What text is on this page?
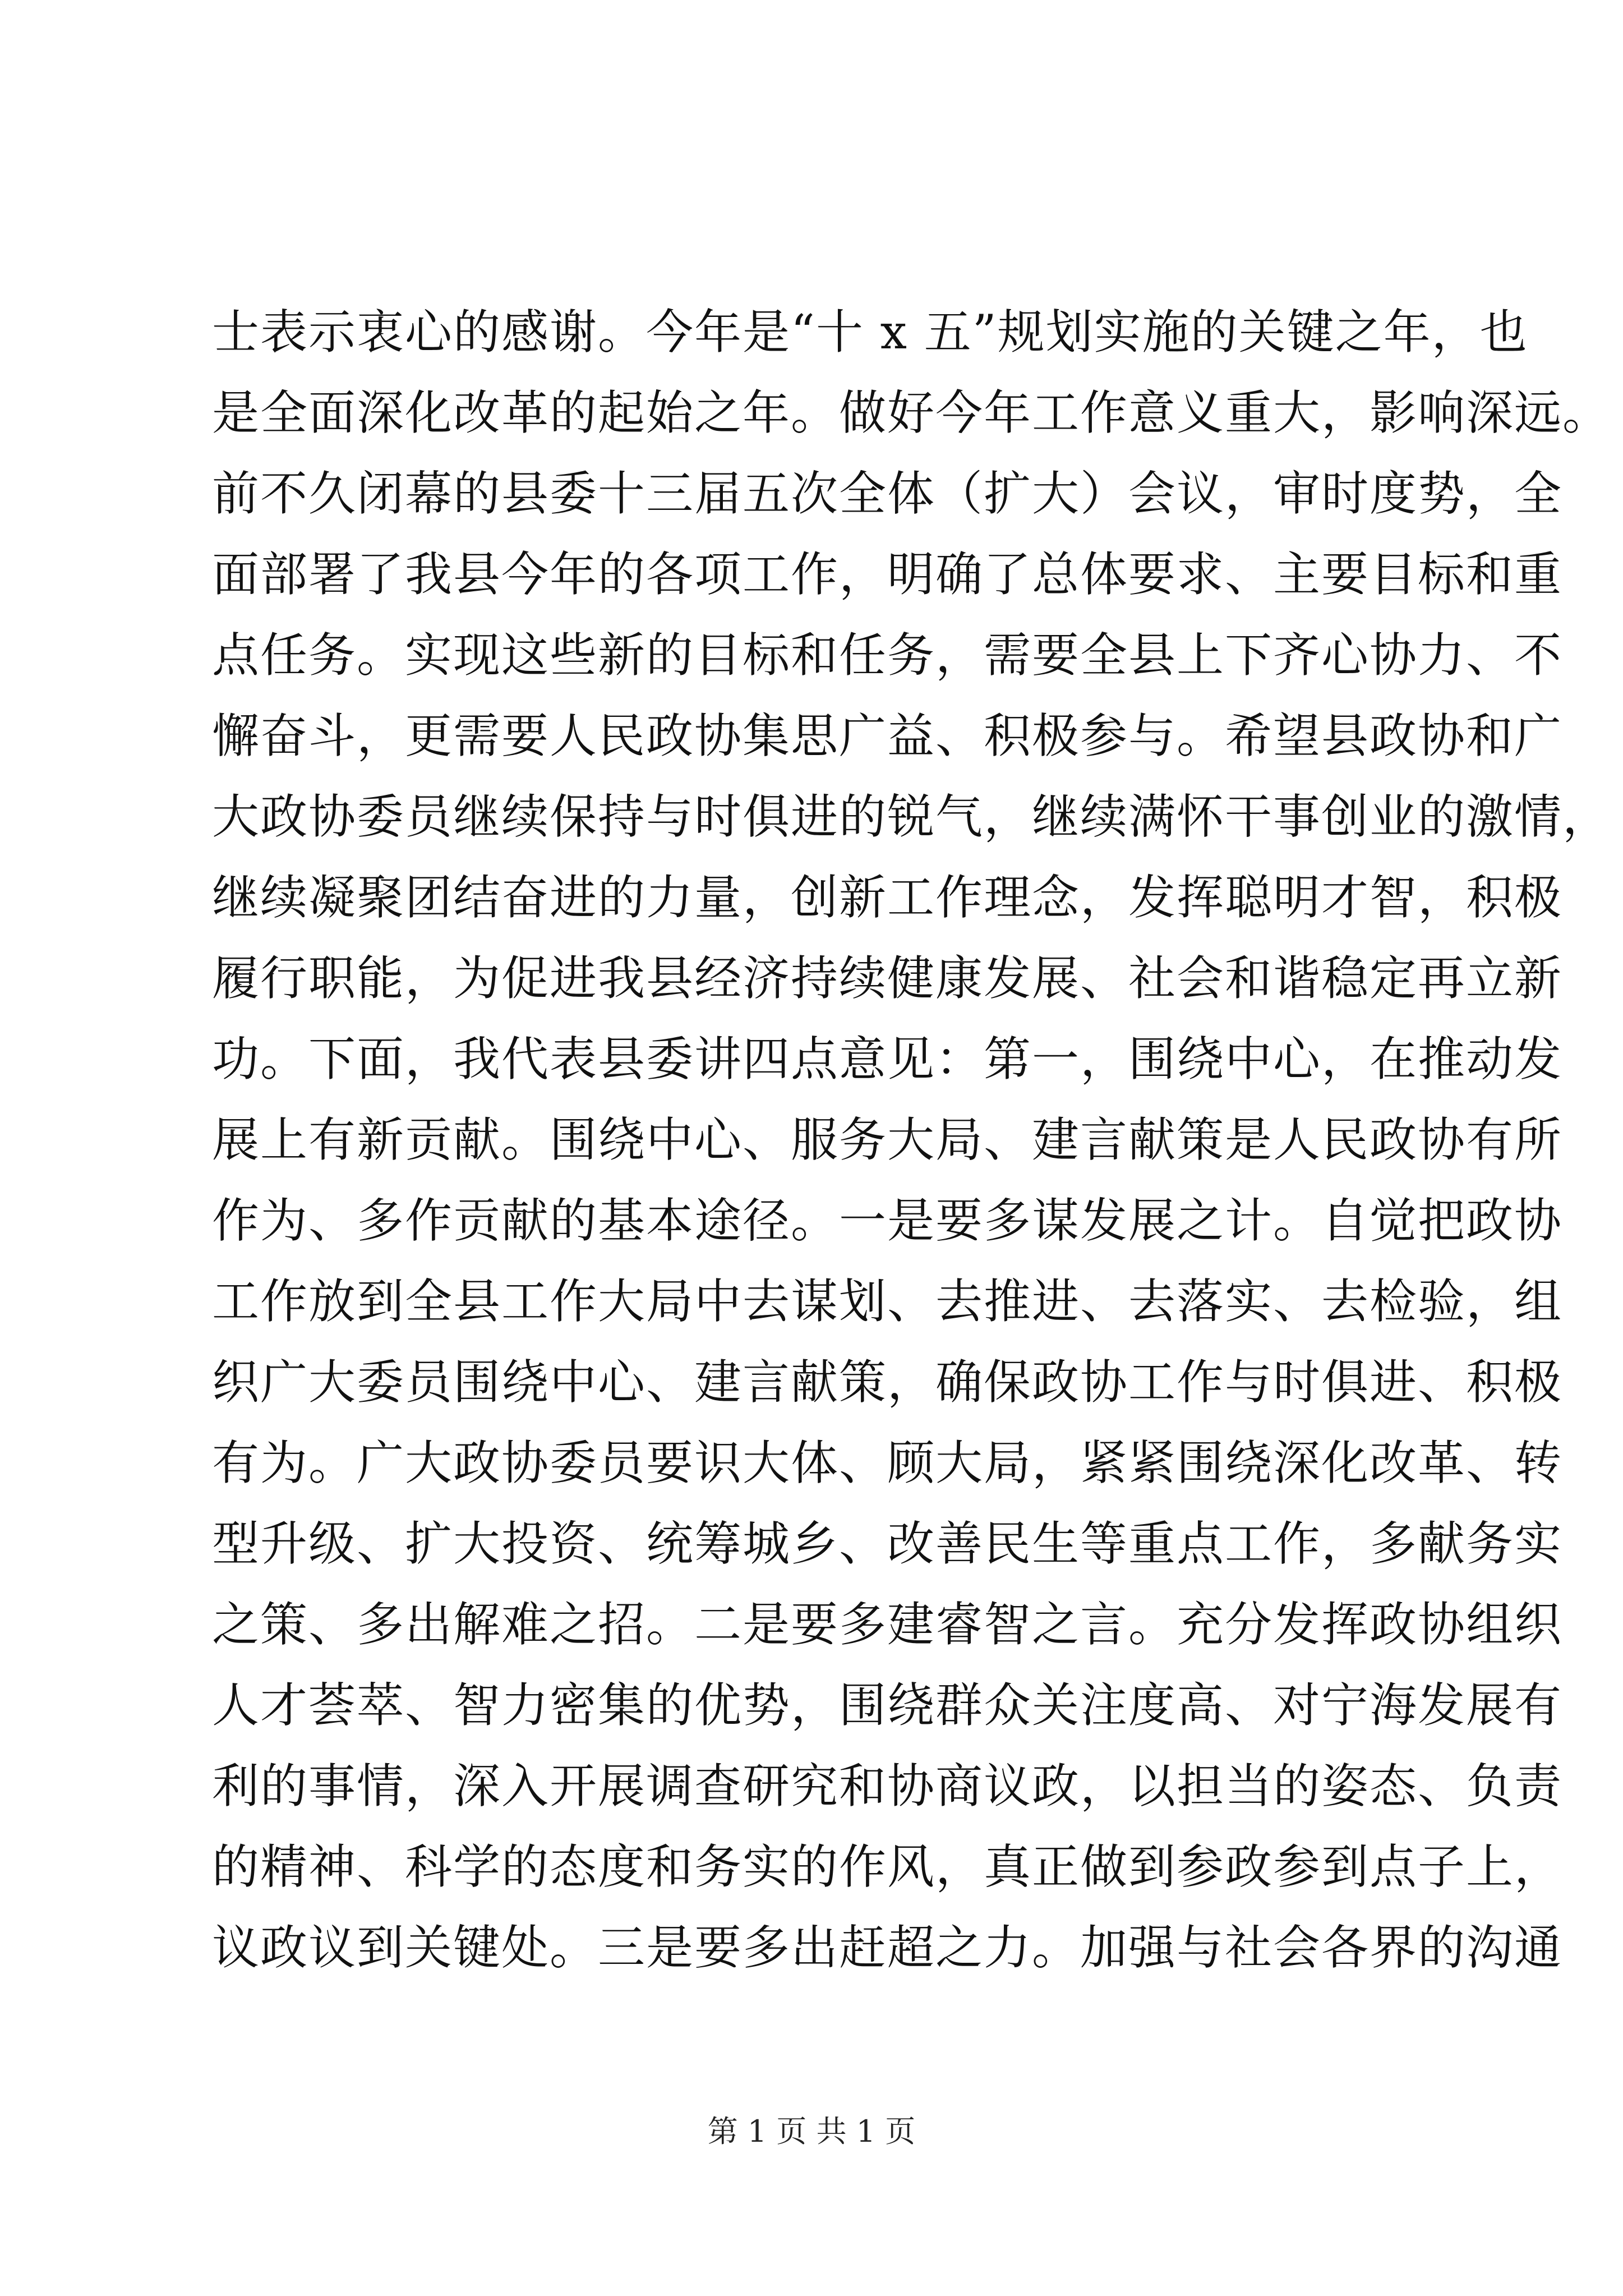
士表示衷心的感谢。今年是“十 x 五”规划实施的关键之年，也
是全面深化改革的起始之年。做好今年工作意义重大，影响深远。
前不久闭幕的县委十三届五次全体（扩大）会议，审时度势，全
面部署了我县今年的各项工作，明确了总体要求、主要目标和重
点任务。实现这些新的目标和任务，需要全县上下齐心协力、不
懈奋斗，更需要人民政协集思广益、积极参与。希望县政协和广
大政协委员继续保持与时俱进的锐气，继续满怀干事创业的激情，
继续凝聚团结奋进的力量，创新工作理念，发挥聪明才智，积极
履行职能，为促进我县经济持续健康发展、社会和谐稳定再立新
功。下面，我代表县委讲四点意见：第一，围绕中心，在推动发
展上有新贡献。围绕中心、服务大局、建言献策是人民政协有所
作为、多作贡献的基本途径。一是要多谋发展之计。自觉把政协
工作放到全县工作大局中去谋划、去推进、去落实、去检验，组
织广大委员围绕中心、建言献策，确保政协工作与时俱进、积极
有为。广大政协委员要识大体、顾大局，紧紧围绕深化改革、转
型升级、扩大投资、统筹城乡、改善民生等重点工作，多献务实
之策、多出解难之招。二是要多建睿智之言。充分发挥政协组织
人才荟萃、智力密集的优势，围绕群众关注度高、对宁海发展有
利的事情，深入开展调查研究和协商议政，以担当的姿态、负责
的精神、科学的态度和务实的作风，真正做到参政参到点子上，
议政议到关键处。三是要多出赶超之力。加强与社会各界的沟通
第 1 页 共 1 页
